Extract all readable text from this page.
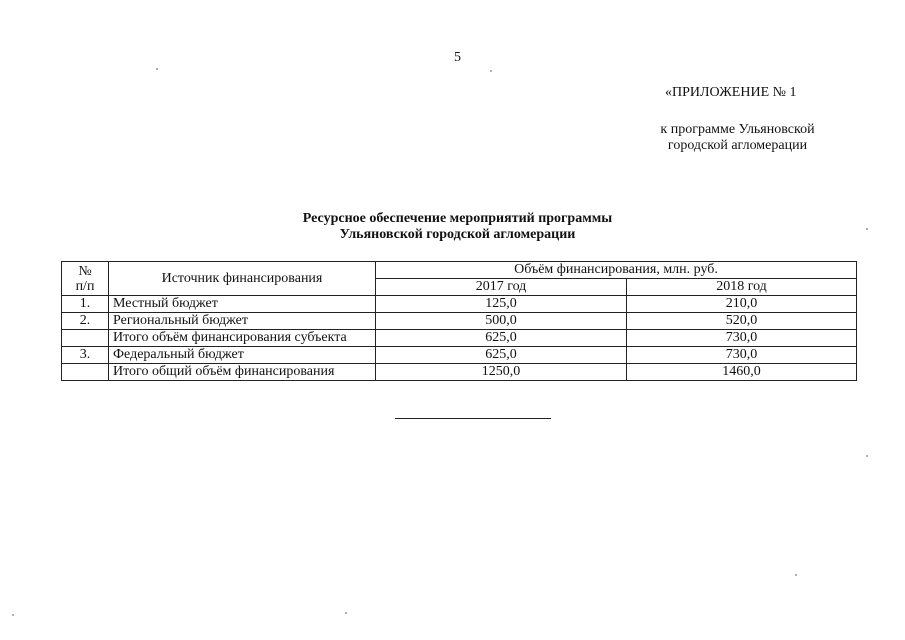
5
«ПРИЛОЖЕНИЕ № 1
к программе Ульяновской
городской агломерации
Ресурсное обеспечение мероприятий программы
Ульяновской городской агломерации
№
п/п	Источник финансирования	Объём финансирования, млн. руб.	
		2017 год	2018 год
1.	Местный бюджет	125,0	210,0
2.	Региональный бюджет	500,0	520,0
	Итого объём финансирования субъекта	625,0	730,0
3.	Федеральный бюджет	625,0	730,0
	Итого общий объём финансирования	1250,0	1460,0
